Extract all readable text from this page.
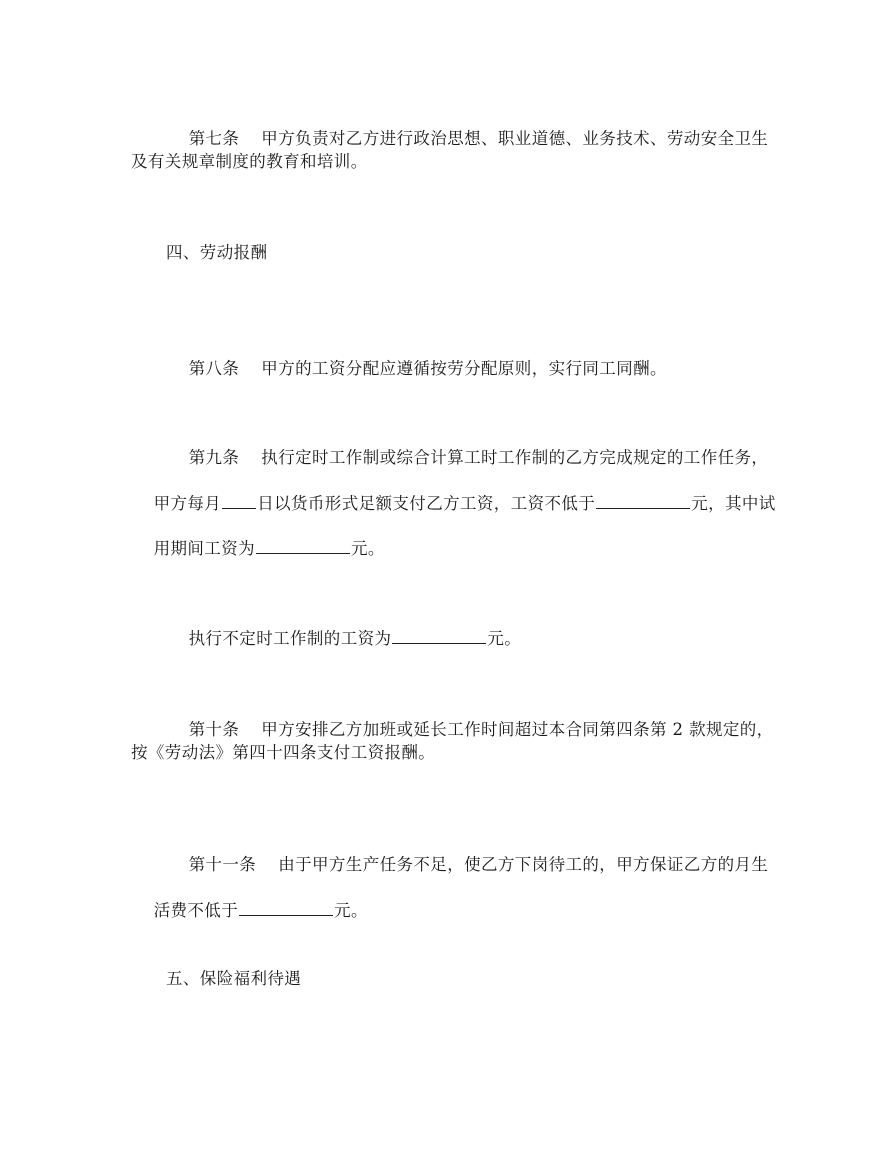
第七条 甲方负责对乙方进行政治思想、职业道德、业务技术、劳动安全卫生

及有关规章制度的教育和培训。
四、劳动报酬

第八条 甲方的工资分配应遵循按劳分配原则，实行同工同酬。

第九条 执行定时工作制或综合计算工时工作制的乙方完成规定的工作任务，

甲方每月 日以货币形式足额支付乙方工资，工资不低于	元，其中试

用期间工资为	元。

执行不定时工作制的工资为	元。

第十条 甲方安排乙方加班或延长工作时间超过本合同第四条第 2 款规定的，

按《劳动法》第四十四条支付工资报酬。

第十一条 由于甲方生产任务不足，使乙方下岗待工的，甲方保证乙方的月生

活费不低于	元。

五、保险福利待遇
